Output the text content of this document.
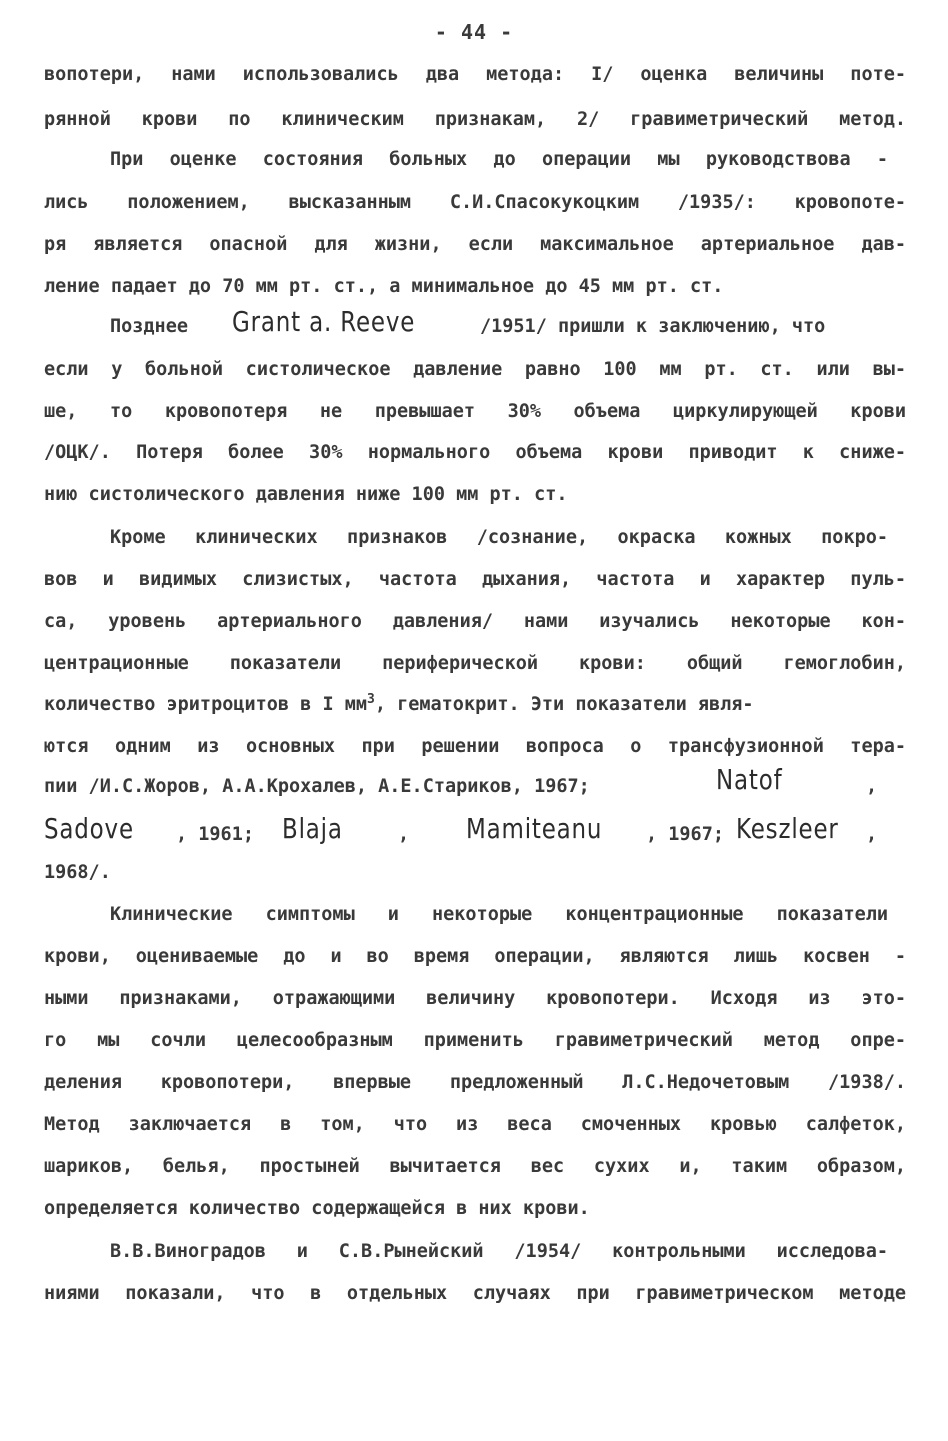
- 44 -
вопотери, нами использовались два метода: I/ оценка величины поте-
рянной крови по клиническим признакам, 2/ гравиметрический метод.
При оценке состояния больных до операции мы руководствова -
лись положением, высказанным С.И.Спасокукоцким /1935/: кровопоте-
ря является опасной для жизни, если максимальное артериальное дав-
ление падает до 70 мм рт. ст., а минимальное до 45 мм рт. ст.
Позднее Grant a. Reeve	/1951/ пришли к заключению, что
если у больной систолическое давление равно 100 мм рт. ст. или вы-
ше, то кровопотеря не превышает 30% объема циркулирующей крови
/ОЦК/. Потеря более 30% нормального объема крови приводит к сниже-
нию систолического давления ниже 100 мм рт. ст.
Кроме клинических признаков /сознание, окраска кожных покро-
вов и видимых слизистых, частота дыхания, частота и характер пуль-
са, уровень артериального давления/ нами изучались некоторые кон-
центрационные показатели периферической крови: общий гемоглобин,
количество эритроцитов в I $мм^3$, гематокрит. Эти показатели явля-
ются одним из основных при решении вопроса о трансфузионной тера-
пии /И.С.Жоров, А.А.Крохалев, А.Е.Стариков, 1967;	Natof	,
Sadove	, 1961; Blaja	, Mamiteanu	, 1967; Keszleer	,
1968/.
Клинические симптомы и некоторые концентрационные показатели
крови, оцениваемые до и во время операции, являются лишь косвен -
ными признаками, отражающими величину кровопотери. Исходя из это-
го мы сочли целесообразным применить гравиметрический метод опре-
деления кровопотери, впервые предложенный Л.С.Недочетовым /1938/.
Метод заключается в том, что из веса смоченных кровью салфеток,
шариков, белья, простыней вычитается вес сухих и, таким образом,
определяется количество содержащейся в них крови.
В.В.Виноградов и С.В.Рынейский /1954/ контрольными исследова-
ниями показали, что в отдельных случаях при гравиметрическом методе
